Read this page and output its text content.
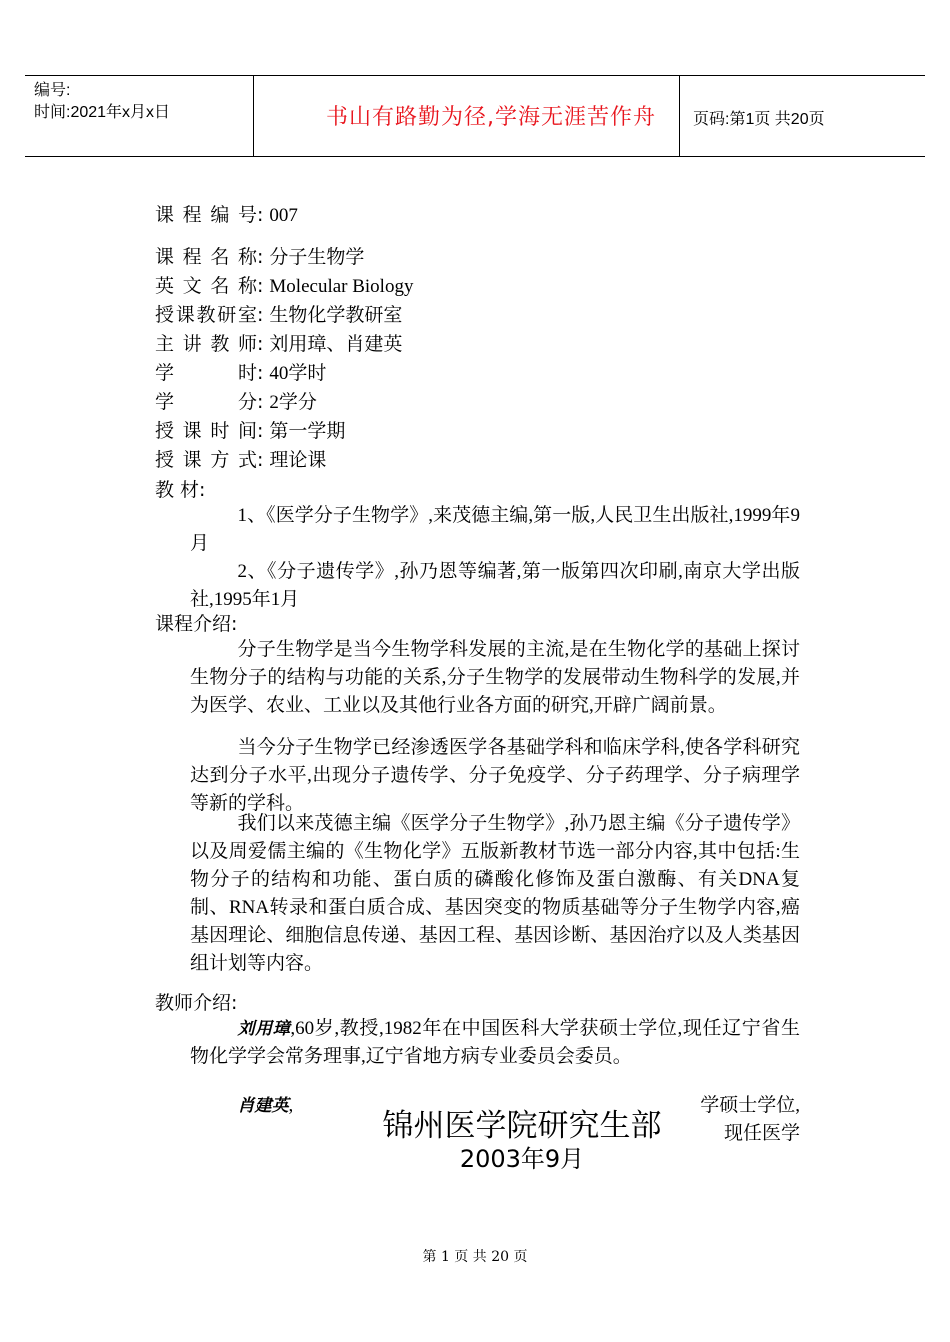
编号:
时间:2021年x月x日	书山有路勤为径,学海无涯苦作舟	页码:第1页 共20页
课程编号: 007
课程名称: 分子生物学
英文名称: Molecular Biology
授课教研室: 生物化学教研室
主讲教师: 刘用璋、肖建英
学时: 40学时
学分: 2学分
授课时间: 第一学期
授课方式: 理论课
教 材:
1、《医学分子生物学》,来茂德主编,第一版,人民卫生出版社,1999年9月
2、《分子遗传学》,孙乃恩等编著,第一版第四次印刷,南京大学出版社,1995年1月
课程介绍:
分子生物学是当今生物学科发展的主流,是在生物化学的基础上探讨生物分子的结构与功能的关系,分子生物学的发展带动生物科学的发展,并为医学、农业、工业以及其他行业各方面的研究,开辟广阔前景。
当今分子生物学已经渗透医学各基础学科和临床学科,使各学科研究达到分子水平,出现分子遗传学、分子免疫学、分子药理学、分子病理学等新的学科。
我们以来茂德主编《医学分子生物学》,孙乃恩主编《分子遗传学》以及周爱儒主编的《生物化学》五版新教材节选一部分内容,其中包括:生物分子的结构和功能、蛋白质的磷酸化修饰及蛋白激酶、有关DNA复制、RNA转录和蛋白质合成、基因突变的物质基础等分子生物学内容,癌基因理论、细胞信息传递、基因工程、基因诊断、基因治疗以及人类基因组计划等内容。
教师介绍:
刘用璋,60岁,教授,1982年在中国医科大学获硕士学位,现任辽宁省生物化学学会常务理事,辽宁省地方病专业委员会委员。
肖建英,	学硕士学位,现任医学
锦州医学院研究生部
2003年9月
第 1 页 共 20 页
